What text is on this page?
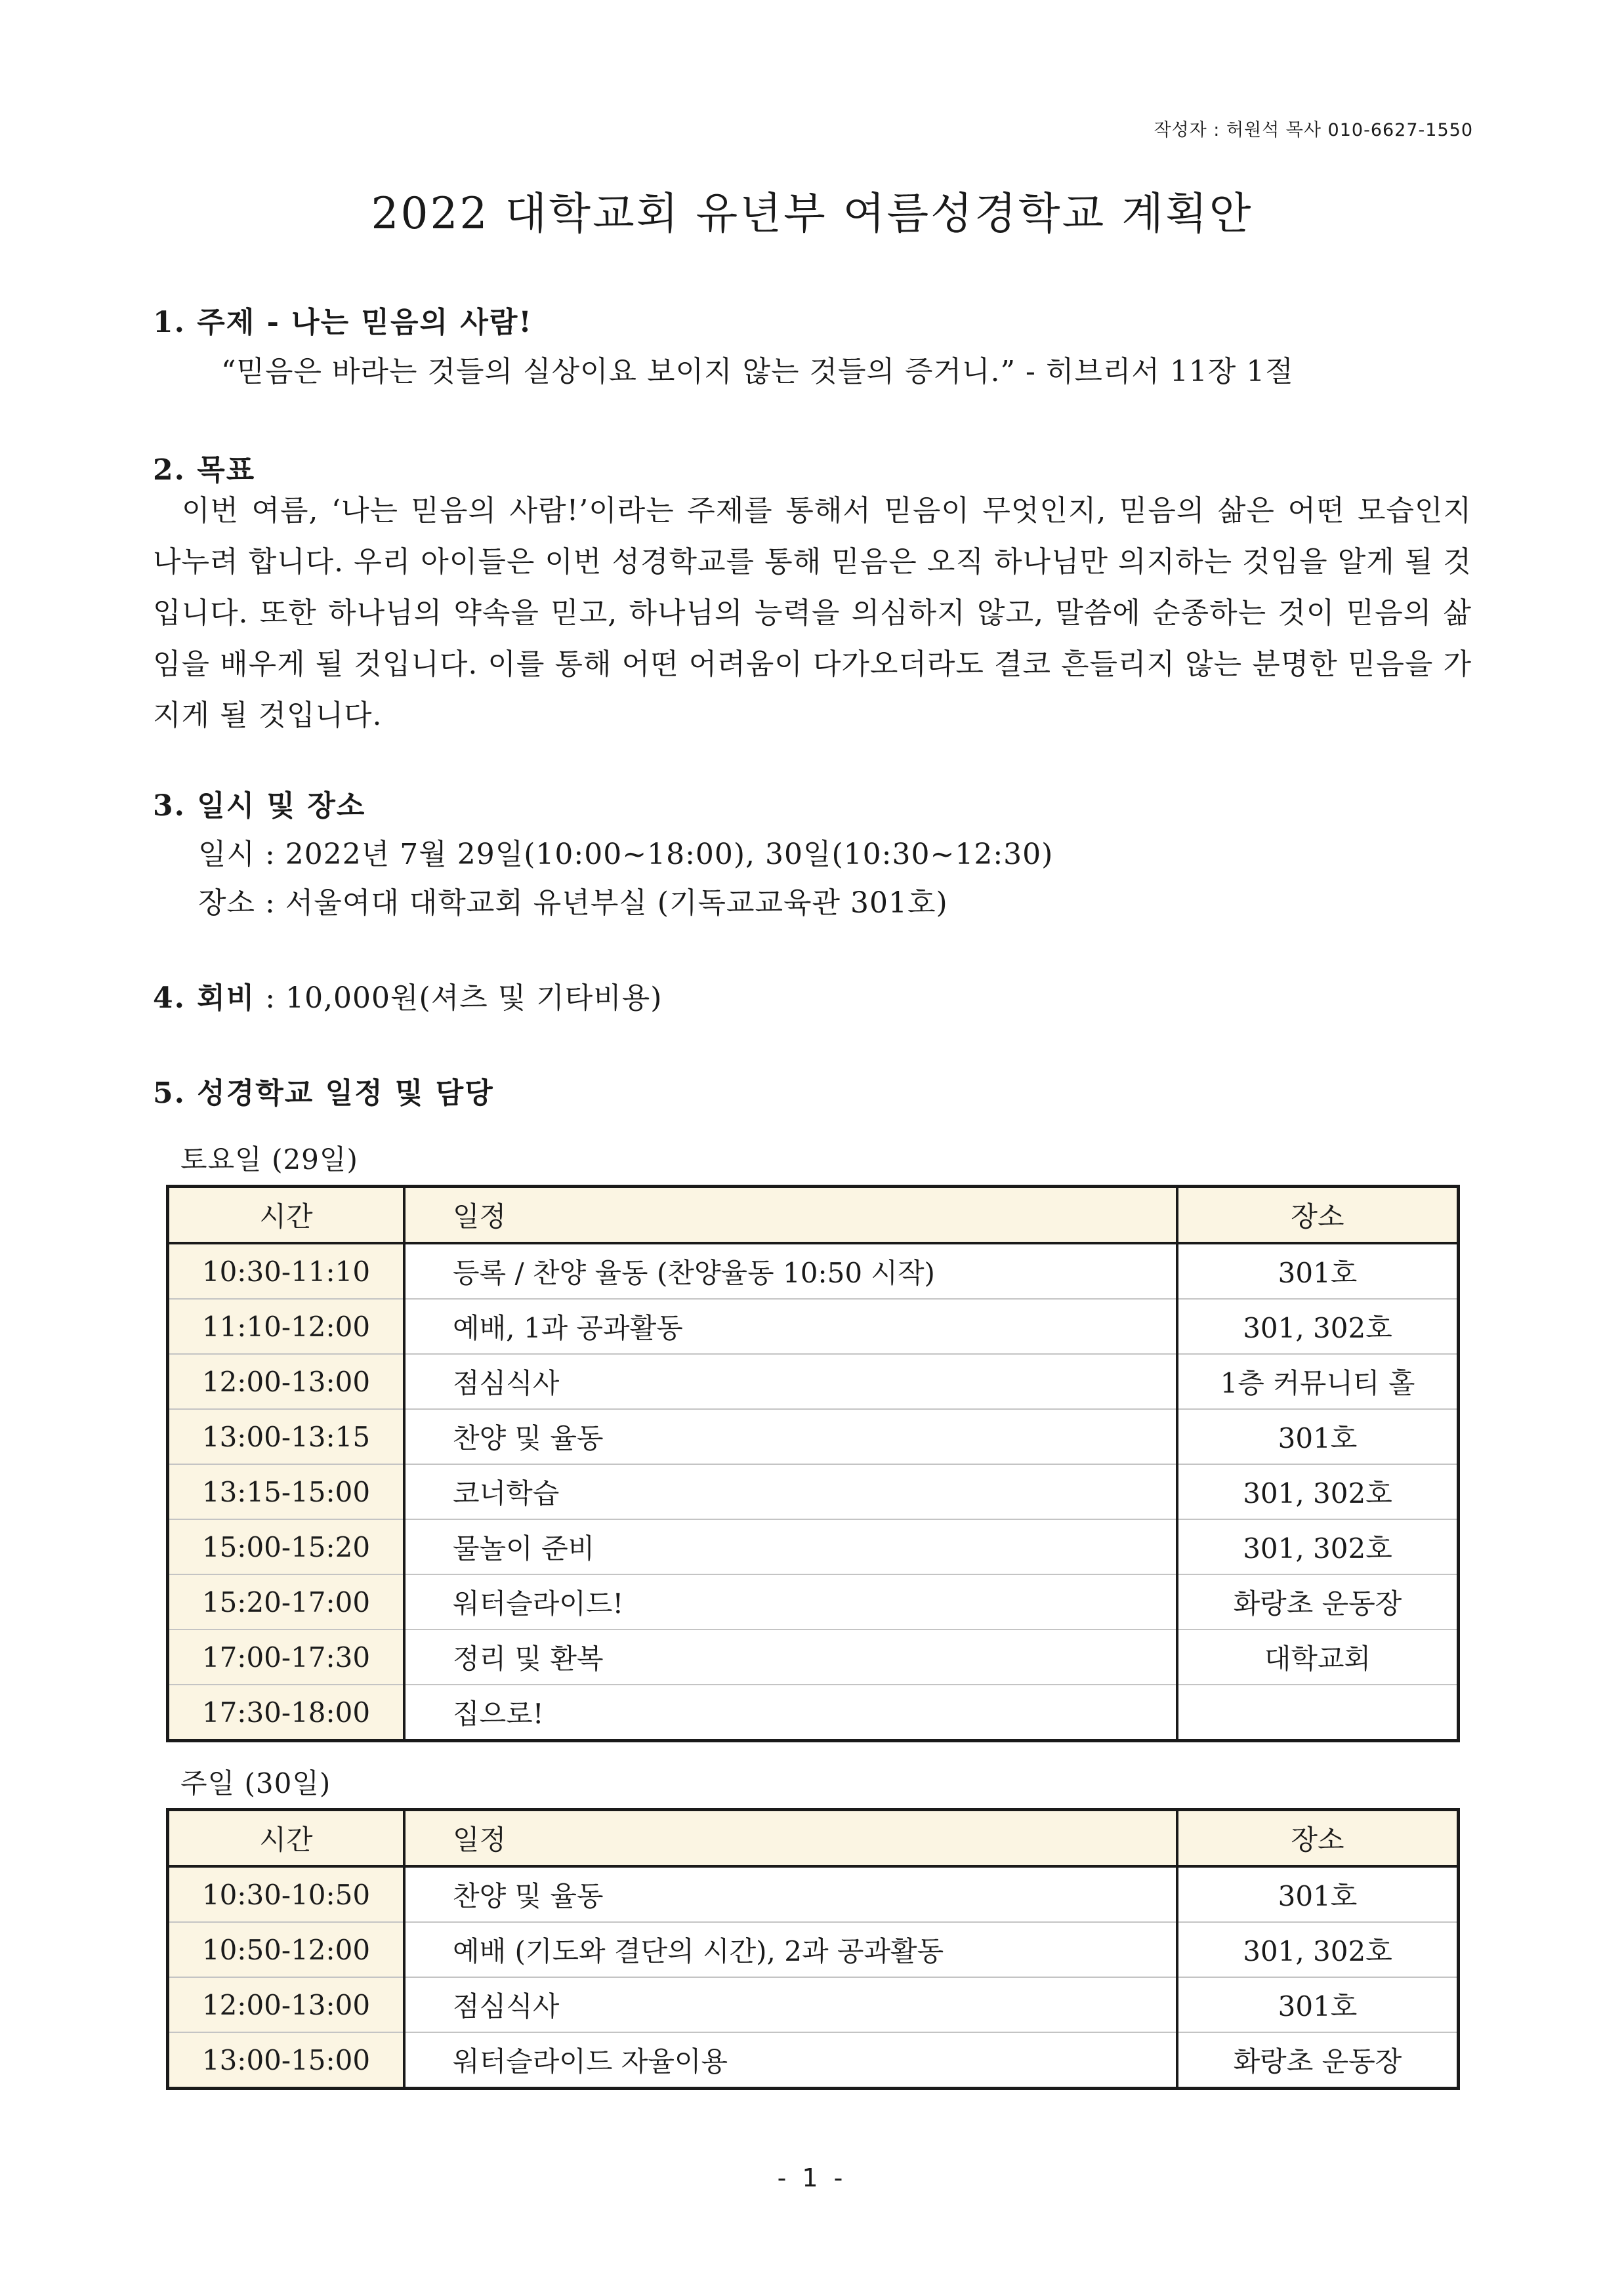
작성자 : 허원석 목사 010-6627-1550
2022 대학교회 유년부 여름성경학교 계획안
1. 주제 - 나는 믿음의 사람!
“믿음은 바라는 것들의 실상이요 보이지 않는 것들의 증거니.” - 히브리서 11장 1절
2. 목표
이번 여름, ‘나는 믿음의 사람!’이라는 주제를 통해서 믿음이 무엇인지, 믿음의 삶은 어떤 모습인지 나누려 합니다. 우리 아이들은 이번 성경학교를 통해 믿음은 오직 하나님만 의지하는 것임을 알게 될 것입니다. 또한 하나님의 약속을 믿고, 하나님의 능력을 의심하지 않고, 말씀에 순종하는 것이 믿음의 삶임을 배우게 될 것입니다. 이를 통해 어떤 어려움이 다가오더라도 결코 흔들리지 않는 분명한 믿음을 가지게 될 것입니다.
3. 일시 및 장소
일시 : 2022년 7월 29일(10:00~18:00), 30일(10:30~12:30)
장소 : 서울여대 대학교회 유년부실 (기독교교육관 301호)
4. 회비 : 10,000원(셔츠 및 기타비용)
5. 성경학교 일정 및 담당
토요일 (29일)
시간	일정	장소
10:30-11:10	등록 / 찬양 율동 (찬양율동 10:50 시작)	301호
11:10-12:00	예배, 1과 공과활동	301, 302호
12:00-13:00	점심식사	1층 커뮤니티 홀
13:00-13:15	찬양 및 율동	301호
13:15-15:00	코너학습	301, 302호
15:00-15:20	물놀이 준비	301, 302호
15:20-17:00	워터슬라이드!	화랑초 운동장
17:00-17:30	정리 및 환복	대학교회
17:30-18:00	집으로!	
주일 (30일)
시간	일정	장소
10:30-10:50	찬양 및 율동	301호
10:50-12:00	예배 (기도와 결단의 시간), 2과 공과활동	301, 302호
12:00-13:00	점심식사	301호
13:00-15:00	워터슬라이드 자율이용	화랑초 운동장
- 1 -
